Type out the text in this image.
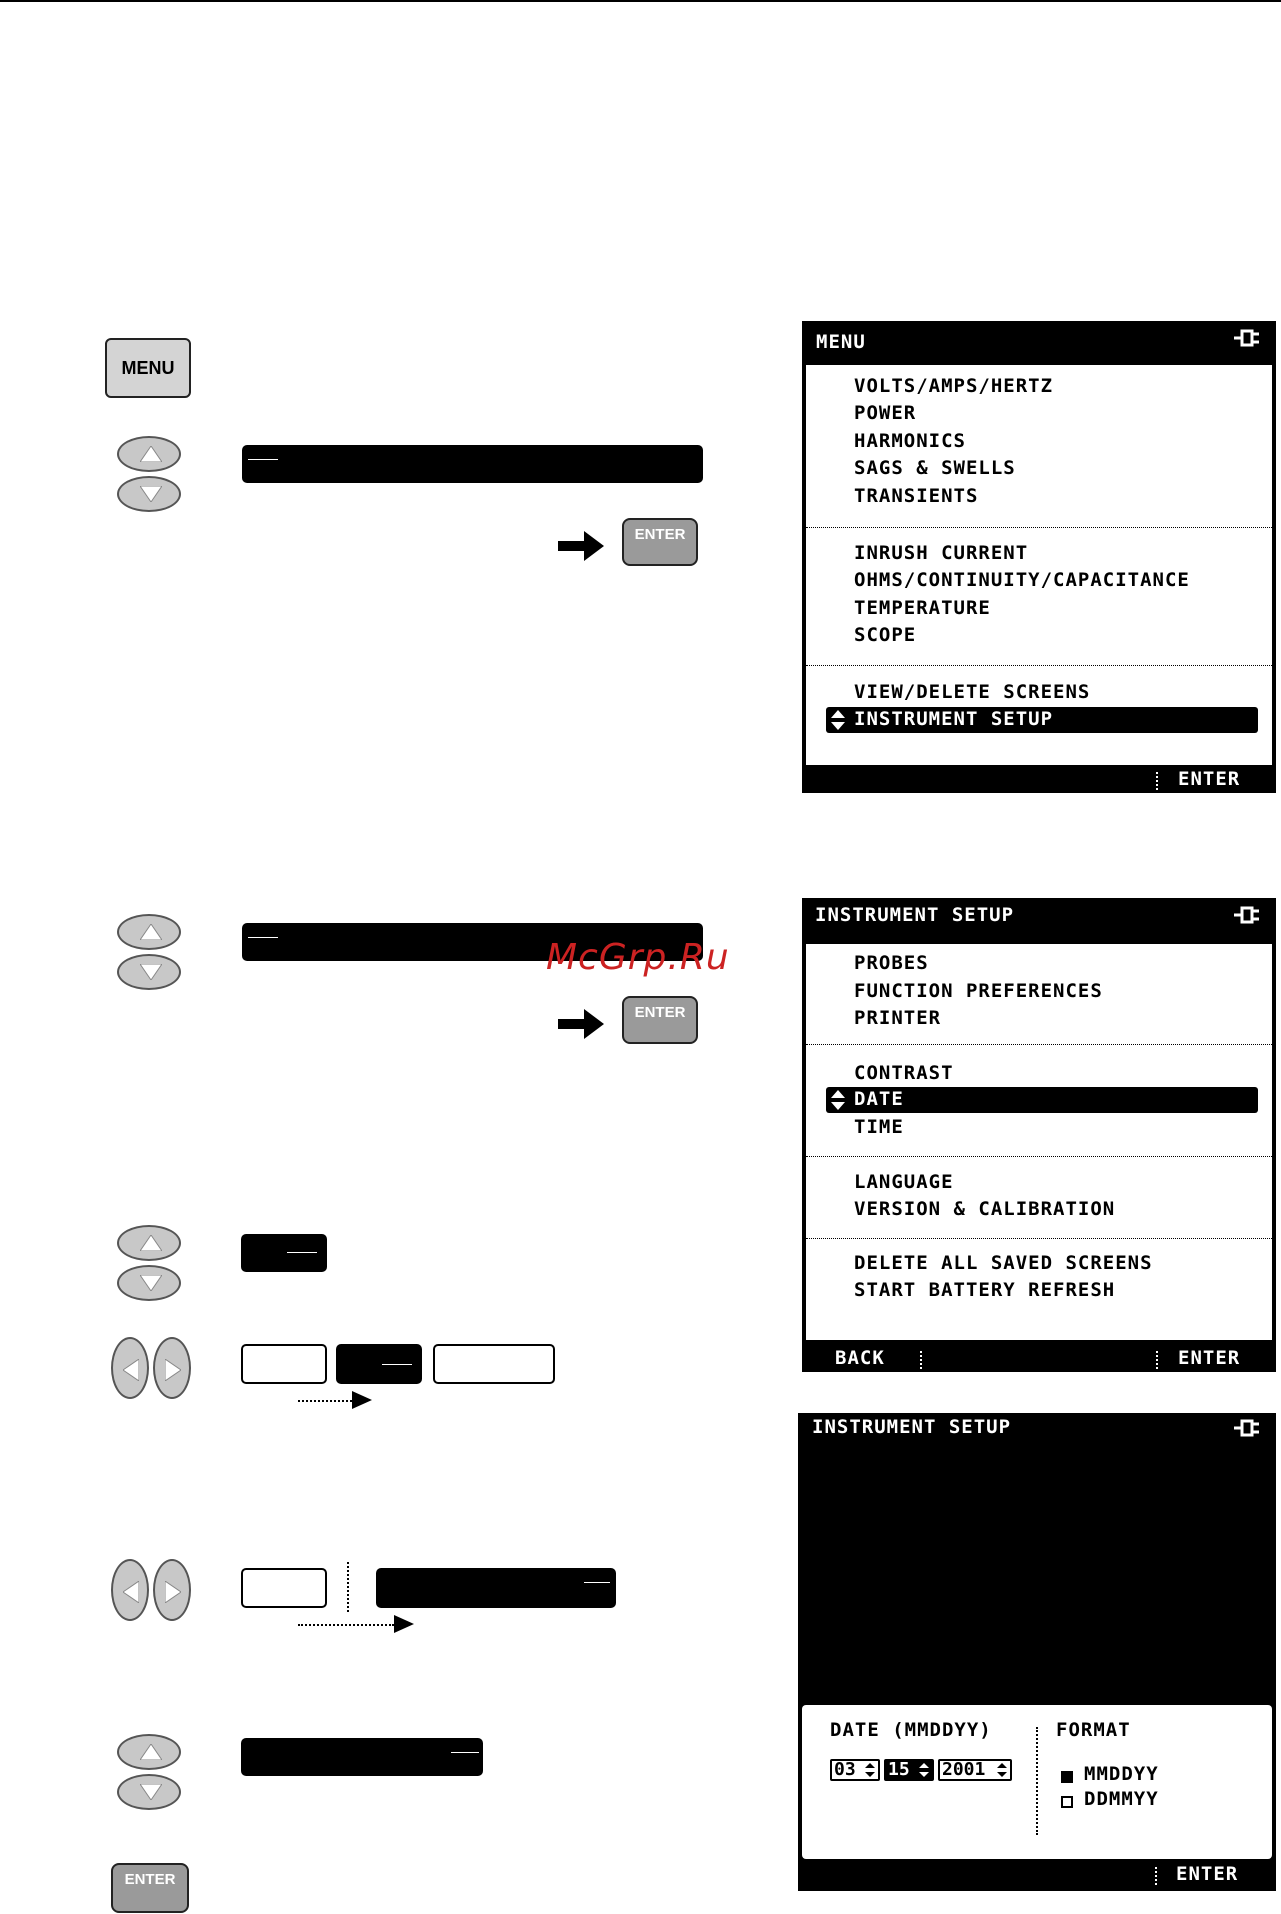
MENU
ENTER
MENU
VOLTS/AMPS/HERTZ
POWER
HARMONICS
SAGS & SWELLS
TRANSIENTS
INRUSH CURRENT
OHMS/CONTINUITY/CAPACITANCE
TEMPERATURE
SCOPE
VIEW/DELETE SCREENS
INSTRUMENT SETUP
ENTER
ENTER
McGrp.Ru
INSTRUMENT SETUP
PROBES
FUNCTION PREFERENCES
PRINTER
CONTRAST
DATE
TIME
LANGUAGE
VERSION & CALIBRATION
DELETE ALL SAVED SCREENS
START BATTERY REFRESH
BACK	ENTER
ENTER
INSTRUMENT SETUP
DATE (MMDDYY)
03	15	2001
FORMAT
MMDDYY
DDMMYY
ENTER
